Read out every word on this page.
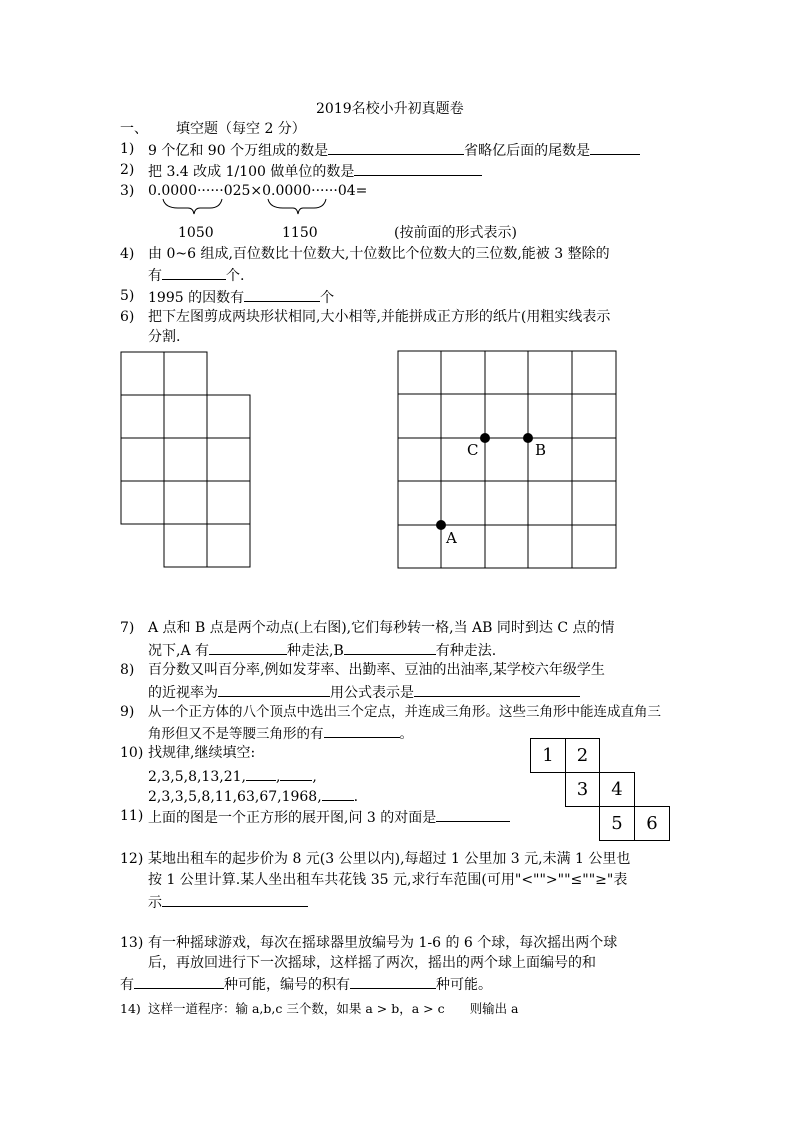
2019名校小升初真题卷
一、 填空题（每空 2 分）
1) 9 个亿和 90 个万组成的数是	省略亿后面的尾数是
2) 把 3.4 改成 1/100 做单位的数是
3) 0.0000······025×0.0000······04=
1050	1150	(按前面的形式表示)
4) 由 0~6 组成,百位数比十位数大,十位数比个位数大的三位数,能被 3 整除的
有	个.
5) 1995 的因数有	个
6) 把下左图剪成两块形状相同,大小相等,并能拼成正方形的纸片(用粗实线表示
分割.
C	B
A
7) A 点和 B 点是两个动点(上右图),它们每秒转一格,当 AB 同时到达 C 点的情
况下,A 有	种走法,B	有种走法.
8) 百分数又叫百分率,例如发芽率、出勤率、豆油的出油率,某学校六年级学生
的近视率为	用公式表示是
9) 从一个正方体的八个顶点中选出三个定点，并连成三角形。这些三角形中能连成直角三
角形但又不是等腰三角形的有	。
10) 找规律,继续填空:
2,3,5,8,13,21, , ,
2,3,3,5,8,11,63,67,1968, .
1	2
3	4
5	6
11) 上面的图是一个正方形的展开图,问 3 的对面是
12) 某地出租车的起步价为 8 元(3 公里以内),每超过 1 公里加 3 元,未满 1 公里也
按 1 公里计算.某人坐出租车共花钱 35 元,求行车范围(可用"<"">""≤""≥"表
示
13) 有一种摇球游戏，每次在摇球器里放编号为 1-6 的 6 个球，每次摇出两个球
后，再放回进行下一次摇球，这样摇了两次，摇出的两个球上面编号的和
有	种可能，编号的积有	种可能。
14) 这样一道程序：输 a,b,c 三个数，如果 a > b，a > c　　则输出 a
